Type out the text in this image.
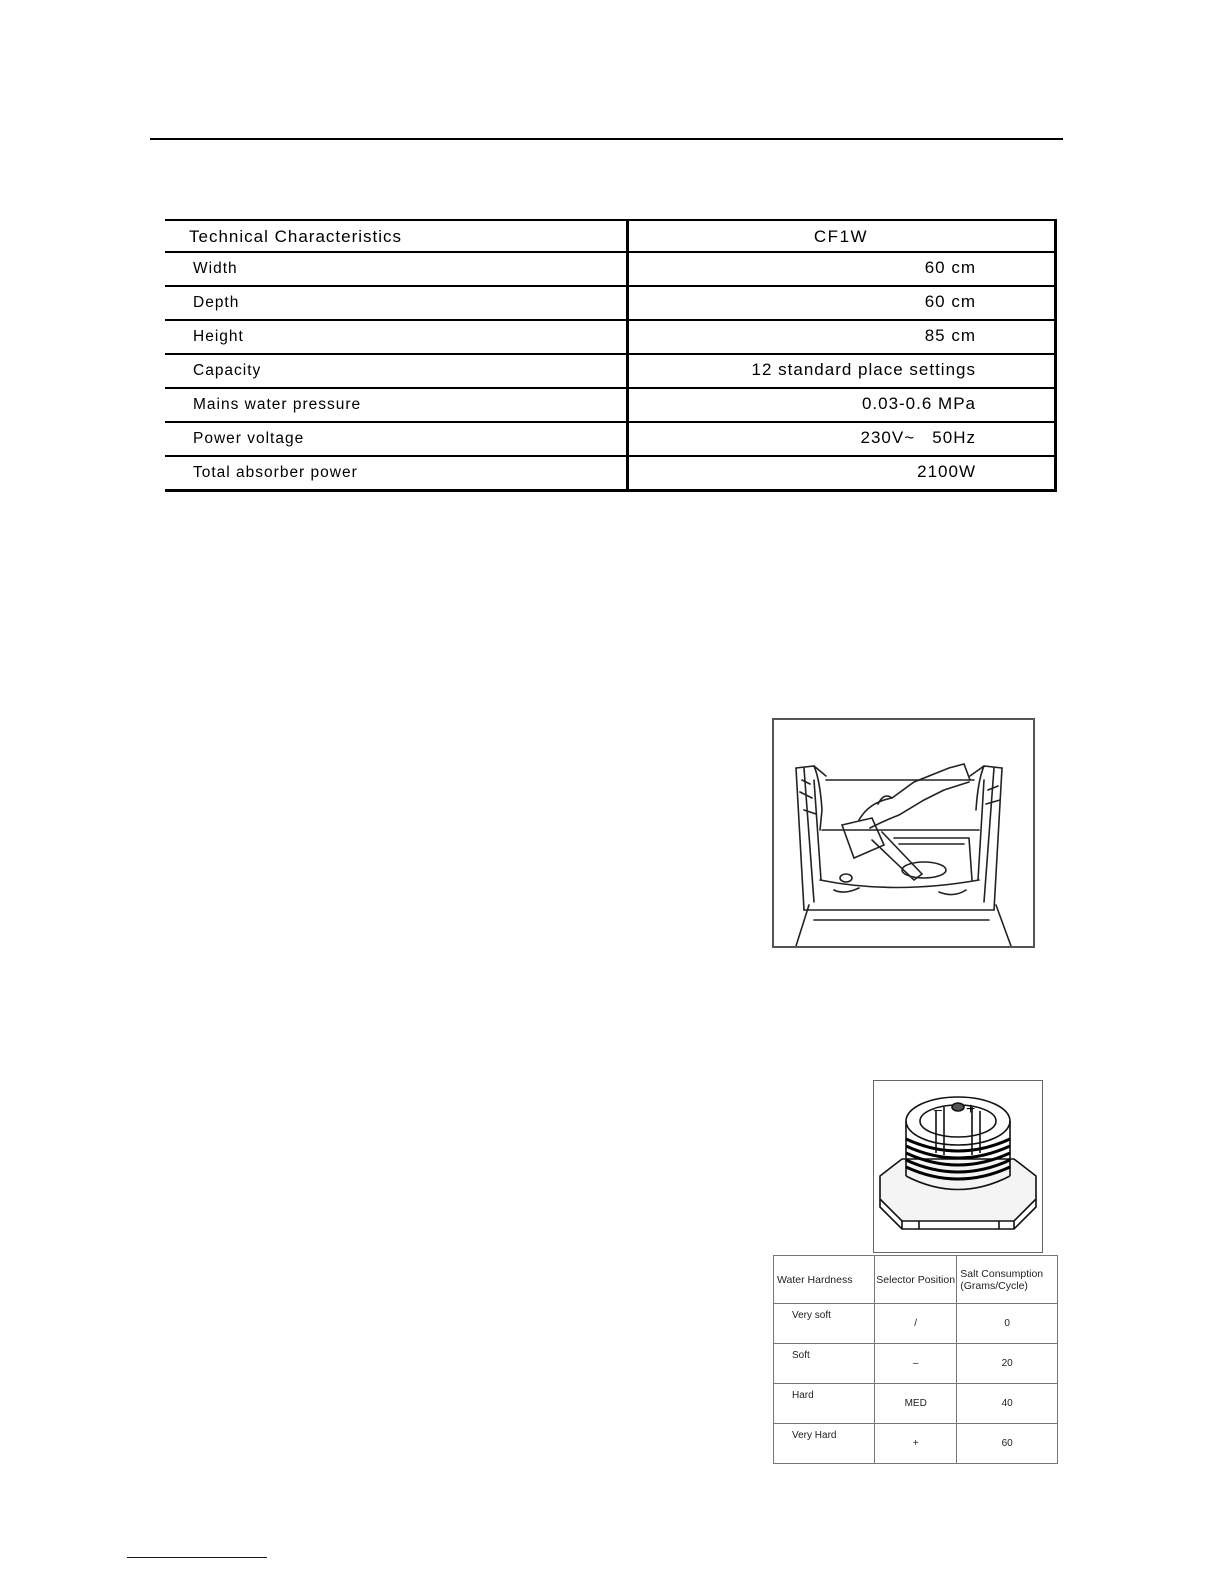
Technical Characteristics	CF1W
Width	60 cm
Depth	60 cm
Height	85 cm
Capacity	12 standard place settings
Mains water pressure	0.03-0.6 MPa
Power voltage	230V~   50Hz
Total absorber power	2100W
– +
Water Hardness	Selector Position	Salt Consumption (Grams/Cycle)
Very soft	/	0
Soft	–	20
Hard	MED	40
Very Hard	+	60
